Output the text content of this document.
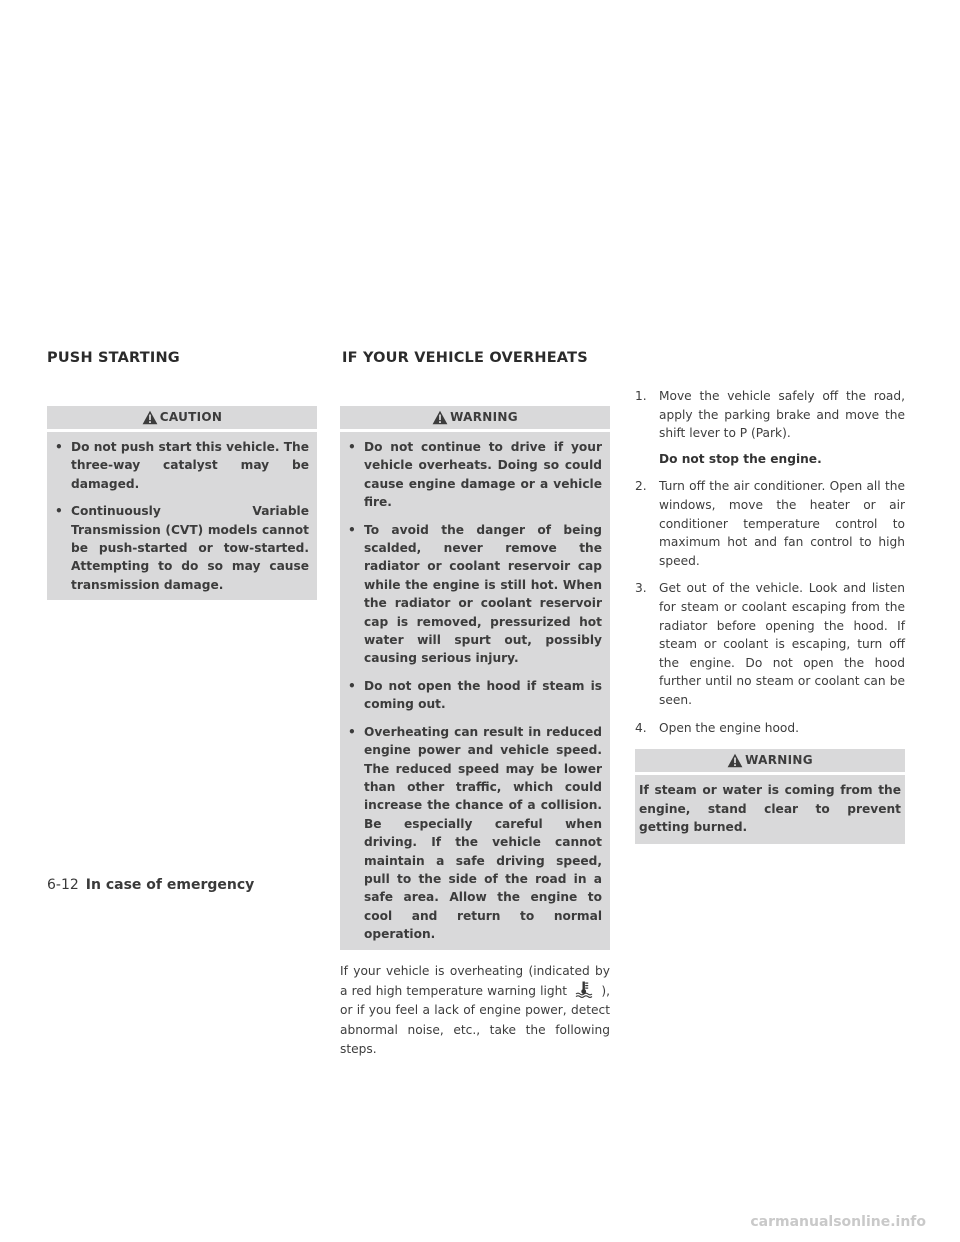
PUSH STARTING	IF YOUR VEHICLE OVERHEATS
CAUTION
• Do not push start this vehicle. The three-way catalyst may be damaged.
• Continuously Variable Transmission (CVT) models cannot be push-started or tow-started. Attempting to do so may cause transmission damage.
WARNING
• Do not continue to drive if your vehicle overheats. Doing so could cause engine damage or a vehicle fire.
• To avoid the danger of being scalded, never remove the radiator or coolant reservoir cap while the engine is still hot. When the radiator or coolant reservoir cap is removed, pressurized hot water will spurt out, possibly causing serious injury.
• Do not open the hood if steam is coming out.
• Overheating can result in reduced engine power and vehicle speed. The reduced speed may be lower than other traffic, which could increase the chance of a collision. Be especially careful when driving. If the vehicle cannot maintain a safe driving speed, pull to the side of the road in a safe area. Allow the engine to cool and return to normal operation.
If your vehicle is overheating (indicated by a red high temperature warning light	), or if you feel a lack of engine power, detect abnormal noise, etc., take the following steps.
1.	Move the vehicle safely off the road, apply the parking brake and move the shift lever to P (Park).
Do not stop the engine.
2.	Turn off the air conditioner. Open all the windows, move the heater or air conditioner temperature control to maximum hot and fan control to high speed.
3.	Get out of the vehicle. Look and listen for steam or coolant escaping from the radiator before opening the hood. If steam or coolant is escaping, turn off the engine. Do not open the hood further until no steam or coolant can be seen.
4.	Open the engine hood.
WARNING
If steam or water is coming from the engine, stand clear to prevent getting burned.
6-12 In case of emergency
carmanualsonline.info
